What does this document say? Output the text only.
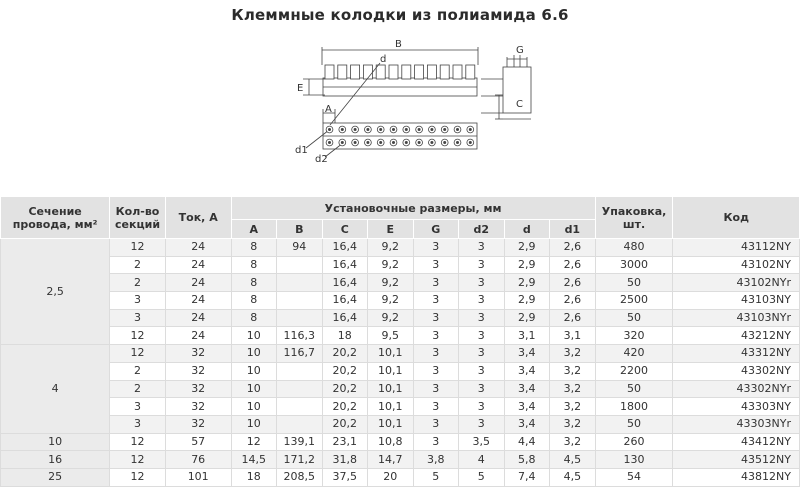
Клеммные колодки из полиамида 6.6
B
G
d
E
C
A
d1
d2
Сечение провода, мм²	Кол-во секций	Ток, А	Установочные размеры, мм								Упаковка, шт.	Код
			A	B	C	E	G	d2	d	d1		
2,5	12	24	8	94	16,4	9,2	3	3	2,9	2,6	480	43112NY
	2	24	8		16,4	9,2	3	3	2,9	2,6	3000	43102NY
	2	24	8		16,4	9,2	3	3	2,9	2,6	50	43102NYr
	3	24	8		16,4	9,2	3	3	2,9	2,6	2500	43103NY
	3	24	8		16,4	9,2	3	3	2,9	2,6	50	43103NYr
	12	24	10	116,3	18	9,5	3	3	3,1	3,1	320	43212NY
4	12	32	10	116,7	20,2	10,1	3	3	3,4	3,2	420	43312NY
	2	32	10		20,2	10,1	3	3	3,4	3,2	2200	43302NY
	2	32	10		20,2	10,1	3	3	3,4	3,2	50	43302NYr
	3	32	10		20,2	10,1	3	3	3,4	3,2	1800	43303NY
	3	32	10		20,2	10,1	3	3	3,4	3,2	50	43303NYr
10	12	57	12	139,1	23,1	10,8	3	3,5	4,4	3,2	260	43412NY
16	12	76	14,5	171,2	31,8	14,7	3,8	4	5,8	4,5	130	43512NY
25	12	101	18	208,5	37,5	20	5	5	7,4	4,5	54	43812NY
